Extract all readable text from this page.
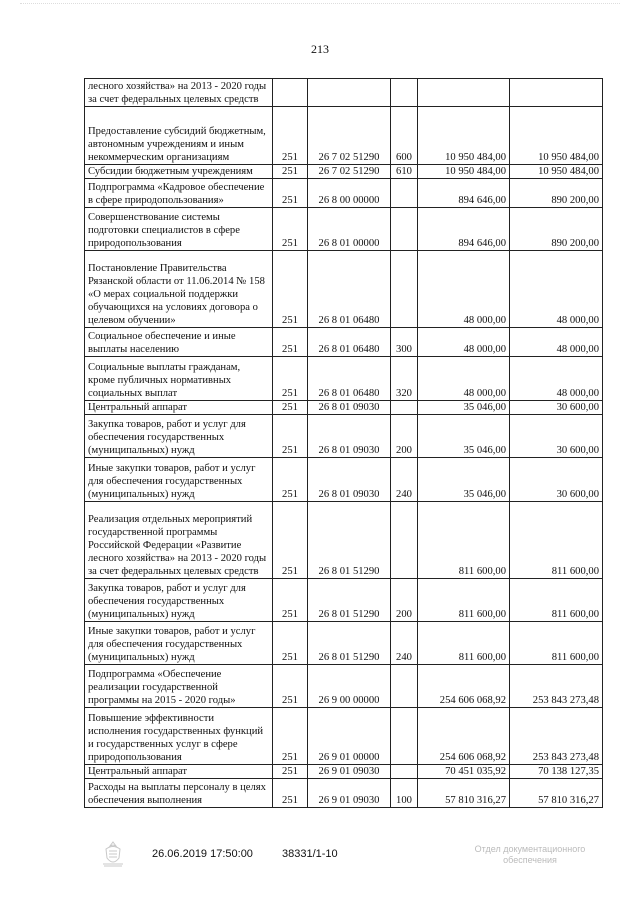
213
лесного хозяйства» на 2013 - 2020 годы за счет федеральных целевых средств					
Предоставление субсидий бюджетным, автономным учреждениям и иным некоммерческим организациям	251	26 7 02 51290	600	10 950 484,00	10 950 484,00
Субсидии бюджетным учреждениям	251	26 7 02 51290	610	10 950 484,00	10 950 484,00
Подпрограмма «Кадровое обеспечение в сфере природопользования»	251	26 8 00 00000		894 646,00	890 200,00
Совершенствование системы подготовки специалистов в сфере природопользования	251	26 8 01 00000		894 646,00	890 200,00
Постановление Правительства Рязанской области от 11.06.2014 № 158 «О мерах социальной поддержки обучающихся на условиях договора о целевом обучении»	251	26 8 01 06480		48 000,00	48 000,00
Социальное обеспечение и иные выплаты населению	251	26 8 01 06480	300	48 000,00	48 000,00
Социальные выплаты гражданам, кроме публичных нормативных социальных выплат	251	26 8 01 06480	320	48 000,00	48 000,00
Центральный аппарат	251	26 8 01 09030		35 046,00	30 600,00
Закупка товаров, работ и услуг для обеспечения государственных (муниципальных) нужд	251	26 8 01 09030	200	35 046,00	30 600,00
Иные закупки товаров, работ и услуг для обеспечения государственных (муниципальных) нужд	251	26 8 01 09030	240	35 046,00	30 600,00
Реализация отдельных мероприятий государственной программы Российской Федерации «Развитие лесного хозяйства» на 2013 - 2020 годы за счет федеральных целевых средств	251	26 8 01 51290		811 600,00	811 600,00
Закупка товаров, работ и услуг для обеспечения государственных (муниципальных) нужд	251	26 8 01 51290	200	811 600,00	811 600,00
Иные закупки товаров, работ и услуг для обеспечения государственных (муниципальных) нужд	251	26 8 01 51290	240	811 600,00	811 600,00
Подпрограмма «Обеспечение реализации государственной программы на 2015 - 2020 годы»	251	26 9 00 00000		254 606 068,92	253 843 273,48
Повышение эффективности исполнения государственных функций и государственных услуг в сфере природопользования	251	26 9 01 00000		254 606 068,92	253 843 273,48
Центральный аппарат	251	26 9 01 09030		70 451 035,92	70 138 127,35
Расходы на выплаты персоналу в целях обеспечения выполнения	251	26 9 01 09030	100	57 810 316,27	57 810 316,27
26.06.2019 17:50:00	38331/1-10	Отдел документационного
обеспечения
